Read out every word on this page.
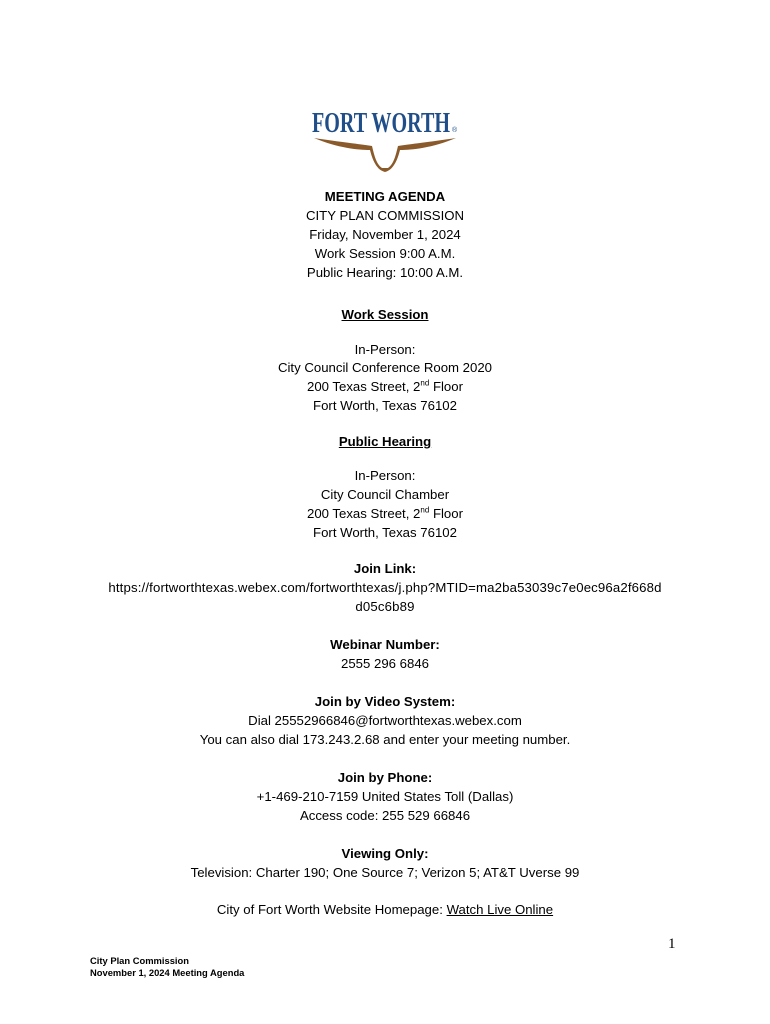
FORT WORTH ®
MEETING AGENDA
CITY PLAN COMMISSION
Friday, November 1, 2024
Work Session 9:00 A.M.
Public Hearing: 10:00 A.M.
Work Session
In-Person:
City Council Conference Room 2020
200 Texas Street, 2nd Floor
Fort Worth, Texas 76102
Public Hearing
In-Person:
City Council Chamber
200 Texas Street, 2nd Floor
Fort Worth, Texas 76102
Join Link:
https://fortworthtexas.webex.com/fortworthtexas/j.php?MTID=ma2ba53039c7e0ec96a2f668d
d05c6b89
Webinar Number:
2555 296 6846
Join by Video System:
Dial 25552966846@fortworthtexas.webex.com
You can also dial 173.243.2.68 and enter your meeting number.
Join by Phone:
+1-469-210-7159 United States Toll (Dallas)
Access code: 255 529 66846
Viewing Only:
Television: Charter 190; One Source 7; Verizon 5; AT&T Uverse 99
City of Fort Worth Website Homepage: Watch Live Online
1
City Plan Commission
November 1, 2024 Meeting Agenda
